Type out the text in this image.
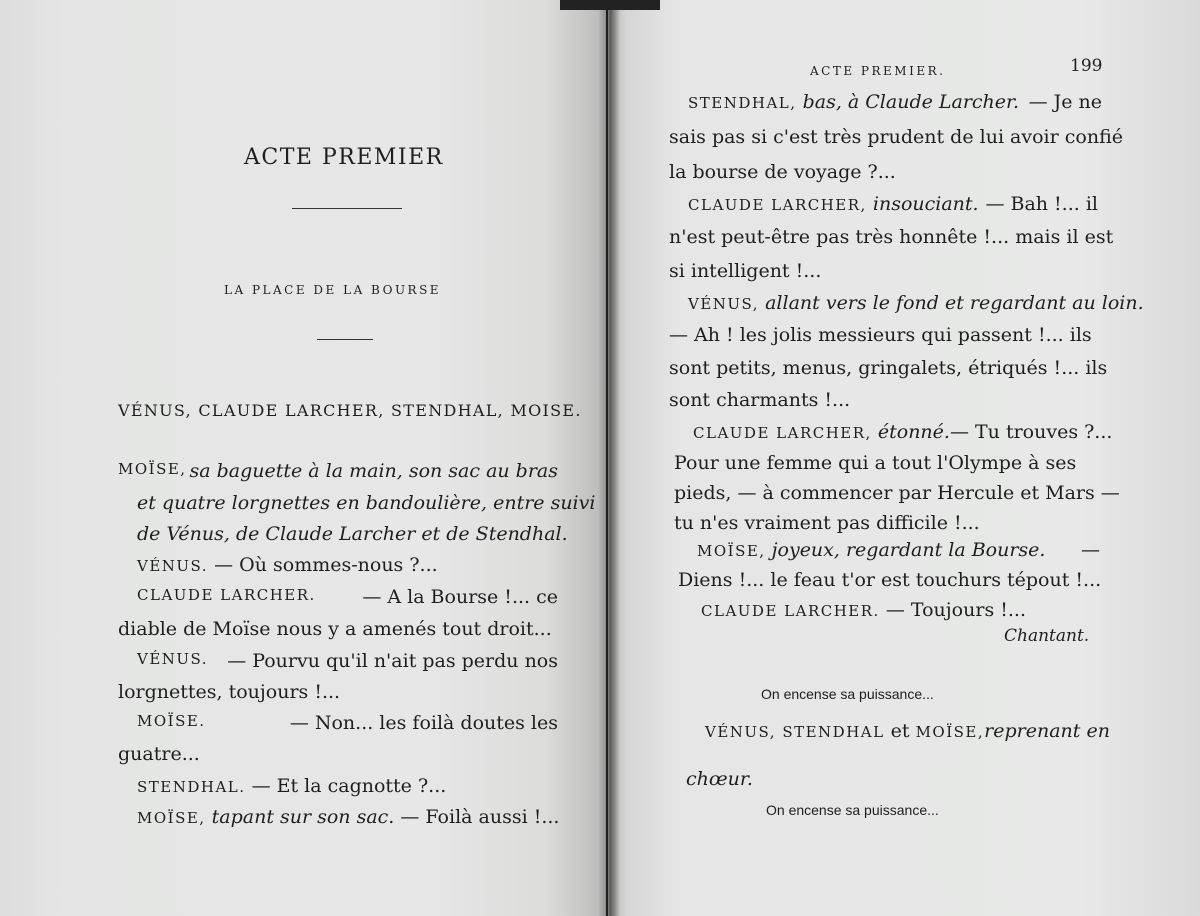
ACTE PREMIER
LA PLACE DE LA BOURSE
VÉNUS, CLAUDE LARCHER, STENDHAL, MOISE.
MOÏSE, sa baguette à la main, son sac au bras
et quatre lorgnettes en bandoulière, entre suivi
de Vénus, de Claude Larcher et de Stendhal.
VÉNUS. — Où sommes-nous ?...
CLAUDE LARCHER. — A la Bourse !... ce
diable de Moïse nous y a amenés tout droit...
VÉNUS. — Pourvu qu'il n'ait pas perdu nos
lorgnettes, toujours !...
MOÏSE.	— Non... les foilà doutes les
guatre...
STENDHAL. — Et la cagnotte ?...
MOÏSE, tapant sur son sac. — Foilà aussi !...
ACTE PREMIER.	199
STENDHAL, bas, à Claude Larcher. — Je ne
sais pas si c'est très prudent de lui avoir confié
la bourse de voyage ?...
CLAUDE LARCHER, insouciant. — Bah !... il
n'est peut-être pas très honnête !... mais il est
si intelligent !...
VÉNUS, allant vers le fond et regardant au loin.
— Ah ! les jolis messieurs qui passent !... ils
sont petits, menus, gringalets, étriqués !... ils
sont charmants !...
CLAUDE LARCHER, étonné. — Tu trouves ?...
Pour une femme qui a tout l'Olympe à ses
pieds, — à commencer par Hercule et Mars —
tu n'es vraiment pas difficile !...
MOÏSE, joyeux, regardant la Bourse. —
Diens !... le feau t'or est touchurs tépout !...
CLAUDE LARCHER. — Toujours !...
Chantant.
On encense sa puissance...
VÉNUS, STENDHAL et MOÏSE, reprenant en
chœur.
On encense sa puissance...
